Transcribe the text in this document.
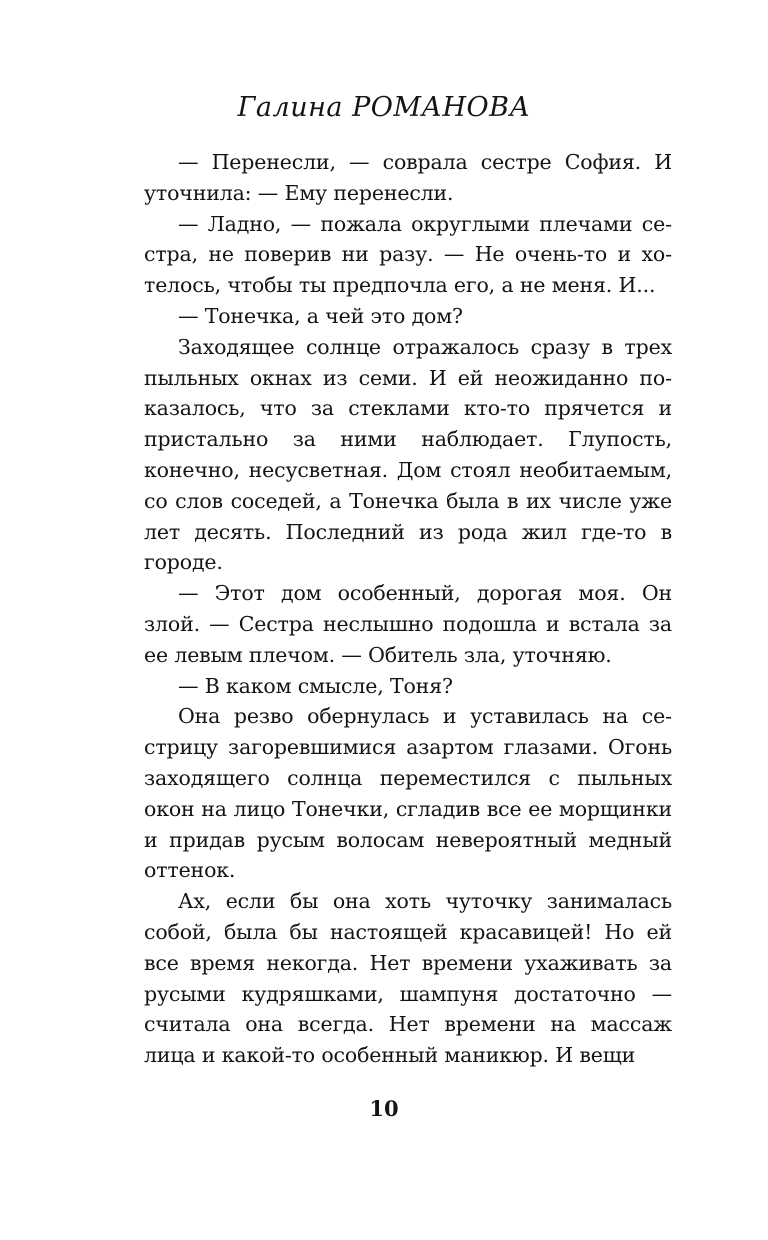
Галина РОМАНОВА

— Перенесли, — соврала сестре София. И уточнила: — Ему перенесли.

— Ладно, — пожала округлыми плечами сестра, не поверив ни разу. — Не очень-то и хотелось, чтобы ты предпочла его, а не меня. И...

— Тонечка, а чей это дом?

Заходящее солнце отражалось сразу в трех пыльных окнах из семи. И ей неожиданно показалось, что за стеклами кто-то прячется и пристально за ними наблюдает. Глупость, конечно, несусветная. Дом стоял необитаемым, со слов соседей, а Тонечка была в их числе уже лет десять. Последний из рода жил где-то в городе.

— Этот дом особенный, дорогая моя. Он злой. — Сестра неслышно подошла и встала за ее левым плечом. — Обитель зла, уточняю.

— В каком смысле, Тоня?

Она резво обернулась и уставилась на сестрицу загоревшимися азартом глазами. Огонь заходящего солнца переместился с пыльных окон на лицо Тонечки, сгладив все ее морщинки и придав русым волосам невероятный медный оттенок.

Ах, если бы она хоть чуточку занималась собой, была бы настоящей красавицей! Но ей все время некогда. Нет времени ухаживать за русыми кудряшками, шампуня достаточно — считала она всегда. Нет времени на массаж лица и какой-то особенный маникюр. И вещи

10
